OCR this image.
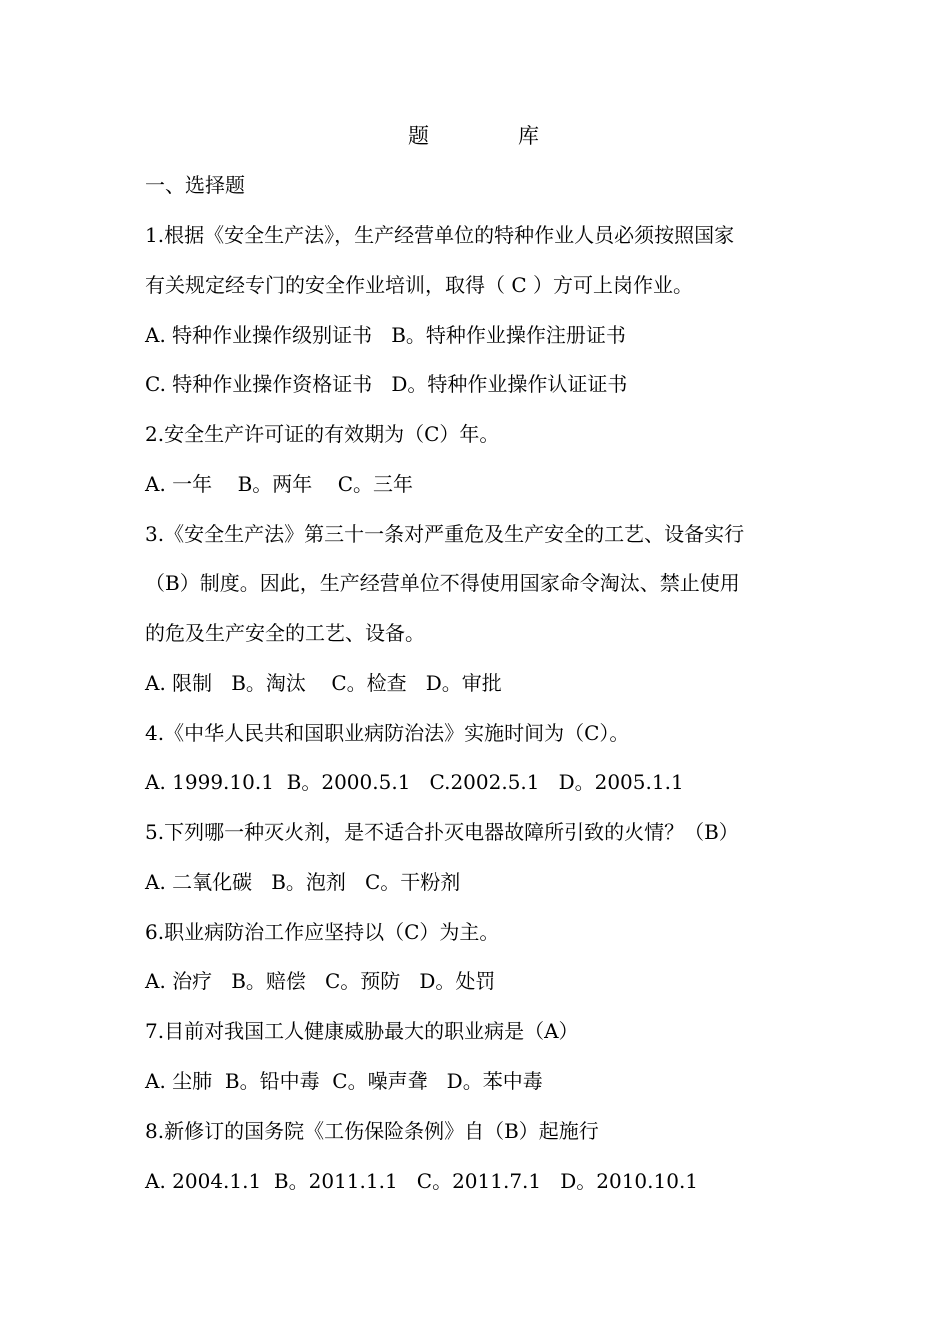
题	库
一、选择题
1.根据《安全生产法》，生产经营单位的特种作业人员必须按照国家
有关规定经专门的安全作业培训，取得（ C ）方可上岗作业。
A. 特种作业操作级别证书   B。特种作业操作注册证书
C. 特种作业操作资格证书   D。特种作业操作认证证书
2.安全生产许可证的有效期为（C）年。
A. 一年    B。两年    C。三年
3.《安全生产法》第三十一条对严重危及生产安全的工艺、设备实行
（B）制度。因此，生产经营单位不得使用国家命令淘汰、禁止使用
的危及生产安全的工艺、设备。
A. 限制   B。淘汰    C。检查   D。审批
4.《中华人民共和国职业病防治法》实施时间为（C）。
A. 1999.10.1  B。2000.5.1   C.2002.5.1   D。2005.1.1
5.下列哪一种灭火剂，是不适合扑灭电器故障所引致的火情？（B）
A. 二氧化碳   B。泡剂   C。干粉剂
6.职业病防治工作应坚持以（C）为主。
A. 治疗   B。赔偿   C。预防   D。处罚
7.目前对我国工人健康威胁最大的职业病是（A）
A. 尘肺  B。铅中毒  C。噪声聋   D。苯中毒
8.新修订的国务院《工伤保险条例》自（B）起施行
A. 2004.1.1  B。2011.1.1   C。2011.7.1   D。2010.10.1
